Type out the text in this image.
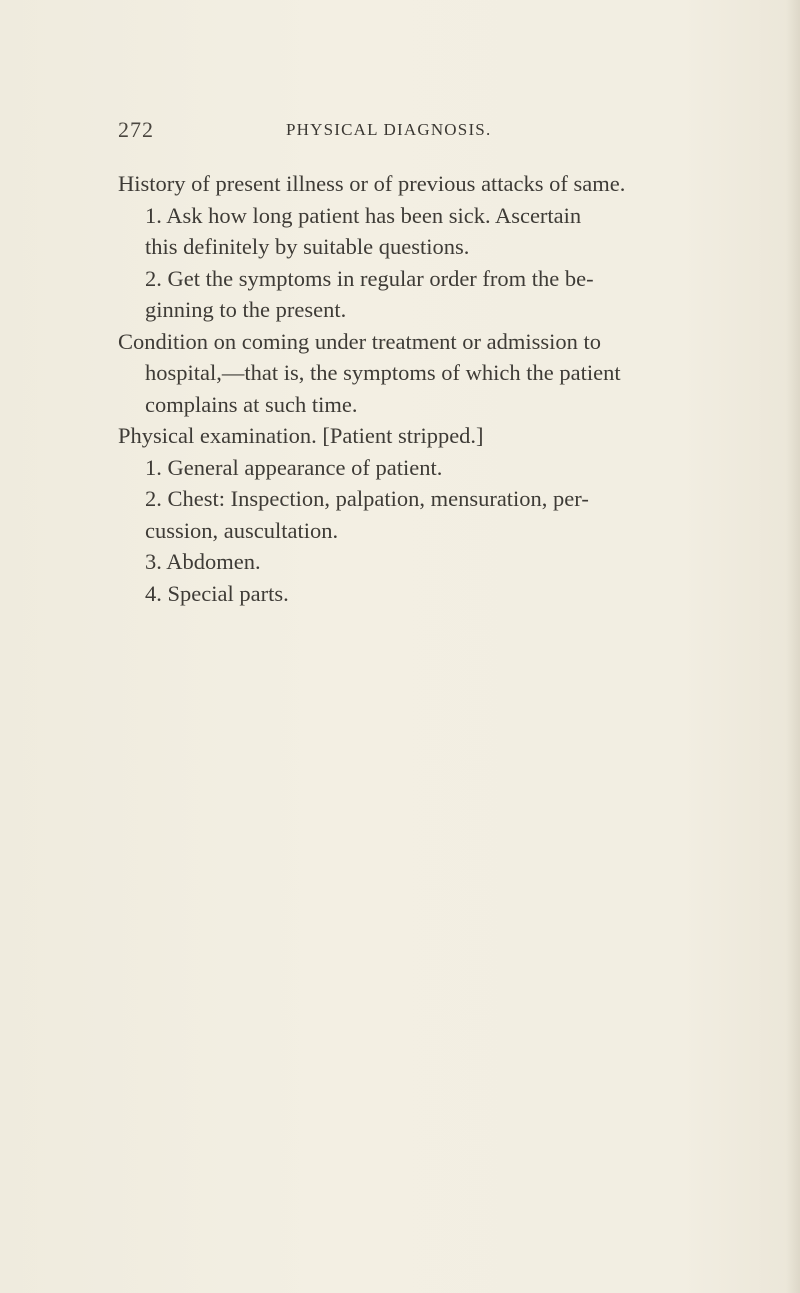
272	PHYSICAL DIAGNOSIS.
History of present illness or of previous attacks of same.
1. Ask how long patient has been sick. Ascertain
this definitely by suitable questions.
2. Get the symptoms in regular order from the be-
ginning to the present.
Condition on coming under treatment or admission to
hospital,—that is, the symptoms of which the patient
complains at such time.
Physical examination. [Patient stripped.]
1. General appearance of patient.
2. Chest: Inspection, palpation, mensuration, per-
cussion, auscultation.
3. Abdomen.
4. Special parts.
